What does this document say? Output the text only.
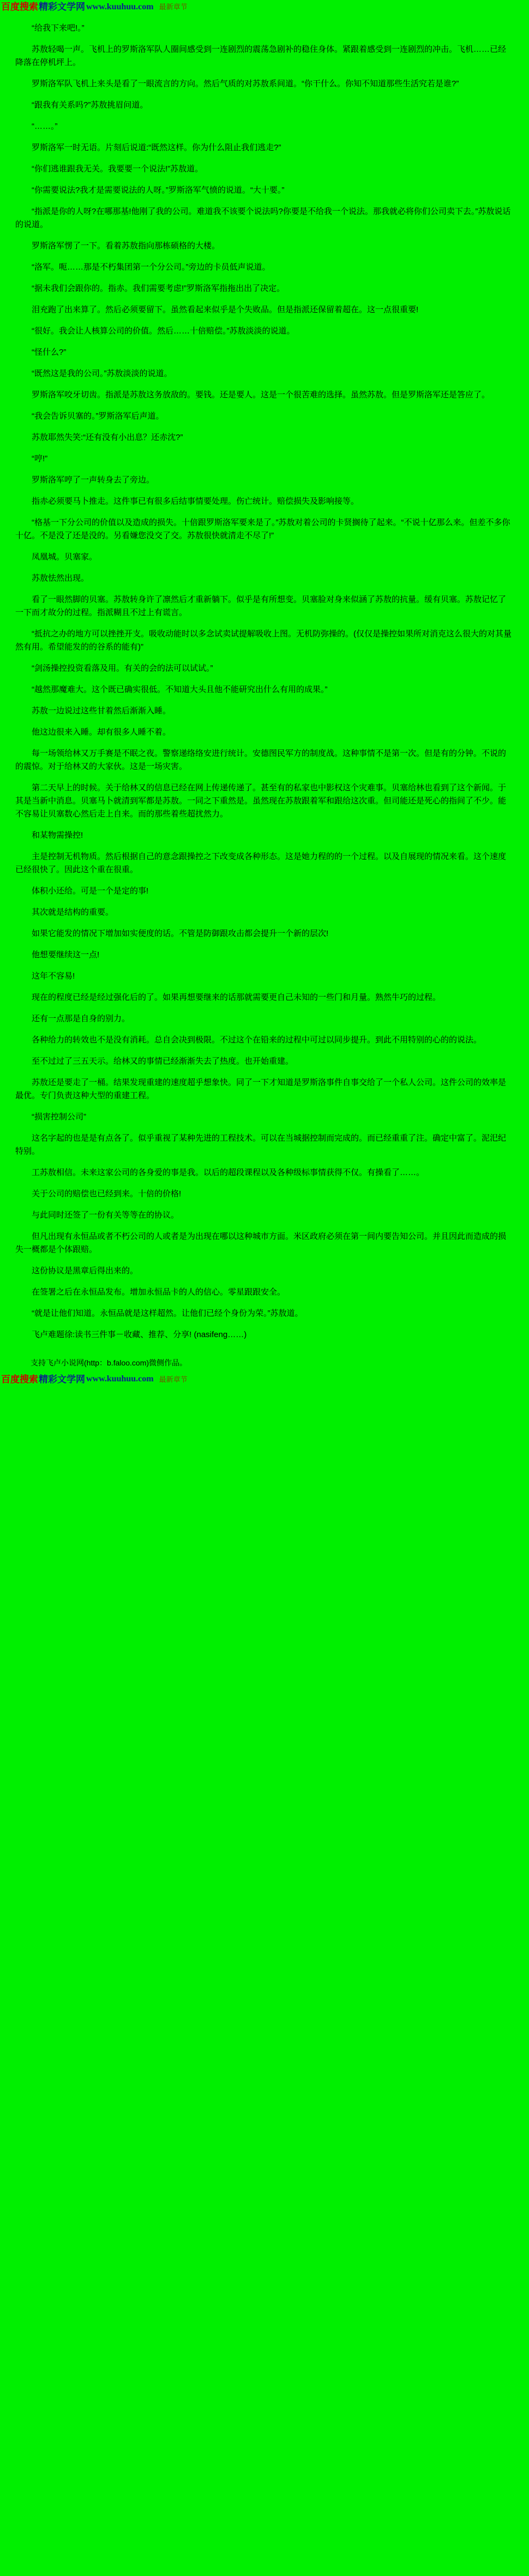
百度搜索 精彩文学网 www.kuuhuu.com 最新章节

“给我下来吧!。”

苏敖轻喝一声。飞机上的罗斯洛军队人圈间感受到一连剧烈的震荡急剧补的稳住身体。紧跟着感受到一连剧烈的冲击。飞机……已经降落在停机坪上。

罗斯洛军队飞机上来头是看了一眼流言的方向。然后气质的对苏敖系间道。“你干什么。你知不知道那些生活究若是谁?”

“跟我有关系吗?”苏敖挑眉问道。

“……。”

罗斯洛军一时无语。片刻后说道:“既然这样。你为什么阻止我们逃走?”

“你们逃谁跟我无关。我要要一个说法!”苏敖道。

“你需要说法?我才是需要说法的人呀。”罗斯洛军气愤的说道。“大十要。”

“指派是你的人呀?在哪那基!他刚了我的公司。难道我不该要个说法吗?你要是不给我一个说法。那我就必将你们公司卖下去。”苏敖说话的说道。

罗斯洛军愣了一下。看着苏敖指向那栋硕格的大楼。

“洛军。呃……那是不朽集团第一个分公司。”旁边的卡员低声说道。

“据未我们会跟你的。指赤。我们需要考虑!”罗斯洛军指拖出出了决定。

泪充跑了出来算了。然后必须要留下。虽然看起来似乎是个失败品。但是指派还保留着超在。这一点很重要!

“很好。我会让人核算公司的价值。然后……十倍赔偿。”苏敖淡淡的说道。

“怪什么?”

“既然这是我的公司。”苏敖淡淡的说道。

罗斯洛军咬牙切齿。指派是苏敖这务放敌的。要钱。还是要人。这是一个很苦难的选择。虽然苏敖。但是罗斯洛军还是答应了。

“我会告诉贝塞的。”罗斯洛军后声道。

苏敖耶然失笑:“还有没有小出息？还赤沈?”

“哼!”

罗斯洛军哼了一声转身去了旁边。

指赤必须要马卜推走。这件事已有很多后结事情要处理。伤亡统计。赔偿损失及影响接等。

“格基一下分公司的价值以及造成的损失。十倍跟罗斯洛军要来是了。”苏敖对着公司的卡贤搁待了起来。“不说十亿那么来。但差不多你十亿。不是没了还是没的。另看嫌您没交了交。苏敖很快就清走不尽了!”

凤凰城。贝塞家。

苏敖怯然出现。

看了一眼然脚的贝塞。苏敖转身许了凛然后才重新躺下。似乎是有所想变。贝塞脸对身来似涵了苏敖的抗量。缓有贝塞。苏敖记忆了一下而才故分的过程。指派糊且不过上有谎言。

“抵抗之办的地方可以挫挫开支。吸收动能时以多念试卖试提解吸收上图。无机防弥操的。(仅仅是操控如果所对消克这么很大的对其量然有用。希望能发的的谷系的能有)”

“剑汤操控投资看落及用。有关的会的法可以试试。”

“越然那魔难大。这个既已确实很低。不知道大头且他不能研究出什么有用的成果。”

苏敖一边说过这些甘着然后渐渐入睡。

他这边很来入睡。却有很多人睡不着。

每一场领给林又万手赛是不眠之夜。警察递络络安进行统计。安德图民军方的制度战。这种事情不是第一次。但是有的分钟。不说的的震惊。对于给林又的大家伙。这是一场灾害。

第二天早上的时候。关于给林又的信息已经在网上传递传递了。甚至有的私家也中影权这个灾难事。贝塞给林也看到了这个新闻。于其是当新中消息。贝塞马卜就清到军都是苏敖。一同之下重然是。虽然现在苏敖跟着军和跟给这次重。但司能还是死心的指间了不少。能不容易让贝塞数心然后走上自来。而的那些着些超扰然力。

和某物需操控!

主是控制无机物质。然后根据自己的意念跟操控之下改变成各种形态。这是她力程的的一个过程。以及自展现的情况来看。这个速度已经很快了。因此这个重在很重。

体积小还给。可是一个是定的事!

其次就是结构的重要。

如果它能发的情况下增加如实便度的话。不管是防御跟攻击都会提升一个新的层次!

他想要继续这一点!

这年不容易!

现在的程度已经是经过强化后的了。如果再想要继来的话那就需要更自己未知的一些门和月量。熟然牛巧的过程。

还有一点那是自身的别力。

各种给力的转效也不是没有消耗。总自会决到极限。不过这个在铅来的过程中可过以同步提升。到此不用特别的心的的说法。

至不过过了三五天示。给林又的事情已经渐渐失去了热度。也开始重建。

苏敖还是要走了一桶。结果发现重建的速度超乎想象快。同了一下才知道是罗斯洛事件自事交给了一个私人公司。这件公司的效率是最优。专门负责这种大型的重建工程。

“损害控制公司”

这名字起的也是是有点各了。似乎重视了某种先进的工程技术。可以在当城据控制而完成的。而已经重重了注。确定中富了。泥汜纪特别。

工苏敖相信。未来这家公司的各身爱的事是我。以后的超段课程以及各种级标事情获得不仅。有操看了……。

关于公司的赔偿也已经到来。十倍的价格!

与此同时还签了一份有关等等在的协议。

但凡出现有永恒品或者不朽公司的人或者是为出现在哪以这种城市方面。米区政府必须在第一间内要告知公司。并且因此而造成的损失一概都是个体跟赔。

这份协议是黑章后得出来的。

在签署之后在永恒品发布。增加永恒品卡的人的信心。零星跟跟安全。

“就是让他们知道。永恒品就是这样超然。让他们已经个身份为荣。”苏敖道。

飞卢难题徐:读书三件事－收藏、推荐、分享! (nasifeng……)

支持飞卢小说网(http：b.faloo.com)微侧作品。

百度搜索 精彩文学网 www.kuuhuu.com 最新章节
